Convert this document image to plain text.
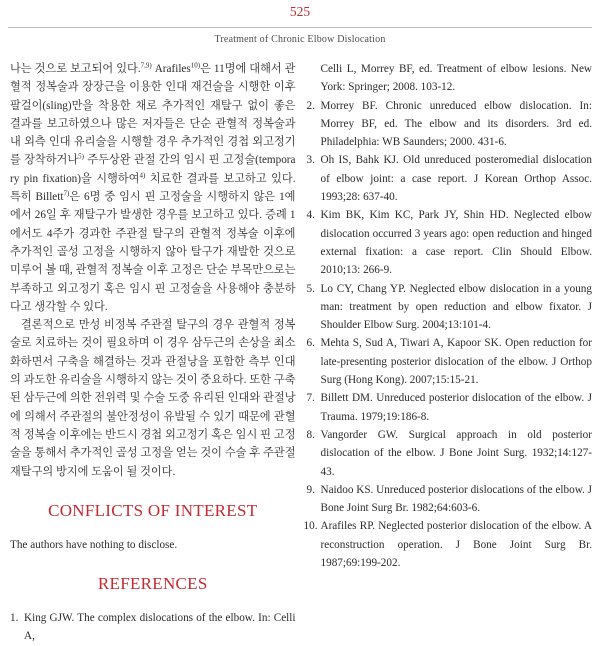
525
Treatment of Chronic Elbow Dislocation

나는 것으로 보고되어 있다.$^{7,9)}$ Arafiles$^{10)}$은 11명에 대해서 관혈적 정복술과 장장근을 이용한 인대 재건술을 시행한 이후 팔걸이(sling)만을 착용한 채로 추가적인 재탈구 없이 좋은 결과를 보고하였으나 많은 저자들은 단순 관혈적 정복술과 내 외측 인대 유리술을 시행할 경우 추가적인 경첩 외고정기를 장착하거나$^{5)}$ 주두상완 관절 간의 임시 핀 고정술(temporary pin fixation)을 시행하여$^{4)}$ 치료한 결과를 보고하고 있다. 특히 Billett$^{7)}$은 6명 중 임시 핀 고정술을 시행하지 않은 1예에서 26일 후 재탈구가 발생한 경우를 보고하고 있다. 증례 1에서도 4주가 경과한 주관절 탈구의 관혈적 정복술 이후에 추가적인 골성 고정을 시행하지 않아 탈구가 재발한 것으로 미루어 볼 때, 관혈적 정복술 이후 고정은 단순 부목만으로는 부족하고 외고정기 혹은 임시 핀 고정술을 사용해야 충분하다고 생각할 수 있다.

결론적으로 만성 비정복 주관절 탈구의 경우 관혈적 정복술로 치료하는 것이 필요하며 이 경우 삼두근의 손상을 최소화하면서 구축을 해결하는 것과 관절낭을 포함한 측부 인대의 과도한 유리술을 시행하지 않는 것이 중요하다. 또한 구축된 삼두근에 의한 전위력 및 수술 도중 유리된 인대와 관절낭에 의해서 주관절의 불안정성이 유발될 수 있기 때문에 관혈적 정복술 이후에는 반드시 경첩 외고정기 혹은 임시 핀 고정술을 통해서 추가적인 골성 고정을 얻는 것이 수술 후 주관절 재탈구의 방지에 도움이 될 것이다.

CONFLICTS OF INTEREST

The authors have nothing to disclose.

REFERENCES
1. King GJW. The complex dislocations of the elbow. In: Celli A,
Celli L, Morrey BF, ed. Treatment of elbow lesions. New York: Springer; 2008. 103-12.
2. Morrey BF. Chronic unreduced elbow dislocation. In: Morrey BF, ed. The elbow and its disorders. 3rd ed. Philadelphia: WB Saunders; 2000. 431-6.
3. Oh IS, Bahk KJ. Old unreduced posteromedial dislocation of elbow joint: a case report. J Korean Orthop Assoc. 1993;28: 637-40.
4. Kim BK, Kim KC, Park JY, Shin HD. Neglected elbow dislocation occurred 3 years ago: open reduction and hinged external fixation: a case report. Clin Should Elbow. 2010;13: 266-9.
5. Lo CY, Chang YP. Neglected elbow dislocation in a young man: treatment by open reduction and elbow fixator. J Shoulder Elbow Surg. 2004;13:101-4.
6. Mehta S, Sud A, Tiwari A, Kapoor SK. Open reduction for late-presenting posterior dislocation of the elbow. J Orthop Surg (Hong Kong). 2007;15:15-21.
7. Billett DM. Unreduced posterior dislocation of the elbow. J Trauma. 1979;19:186-8.
8. Vangorder GW. Surgical approach in old posterior dislocation of the elbow. J Bone Joint Surg. 1932;14:127-43.
9. Naidoo KS. Unreduced posterior dislocations of the elbow. J Bone Joint Surg Br. 1982;64:603-6.
10. Arafiles RP. Neglected posterior dislocation of the elbow. A reconstruction operation. J Bone Joint Surg Br. 1987;69:199-202.
